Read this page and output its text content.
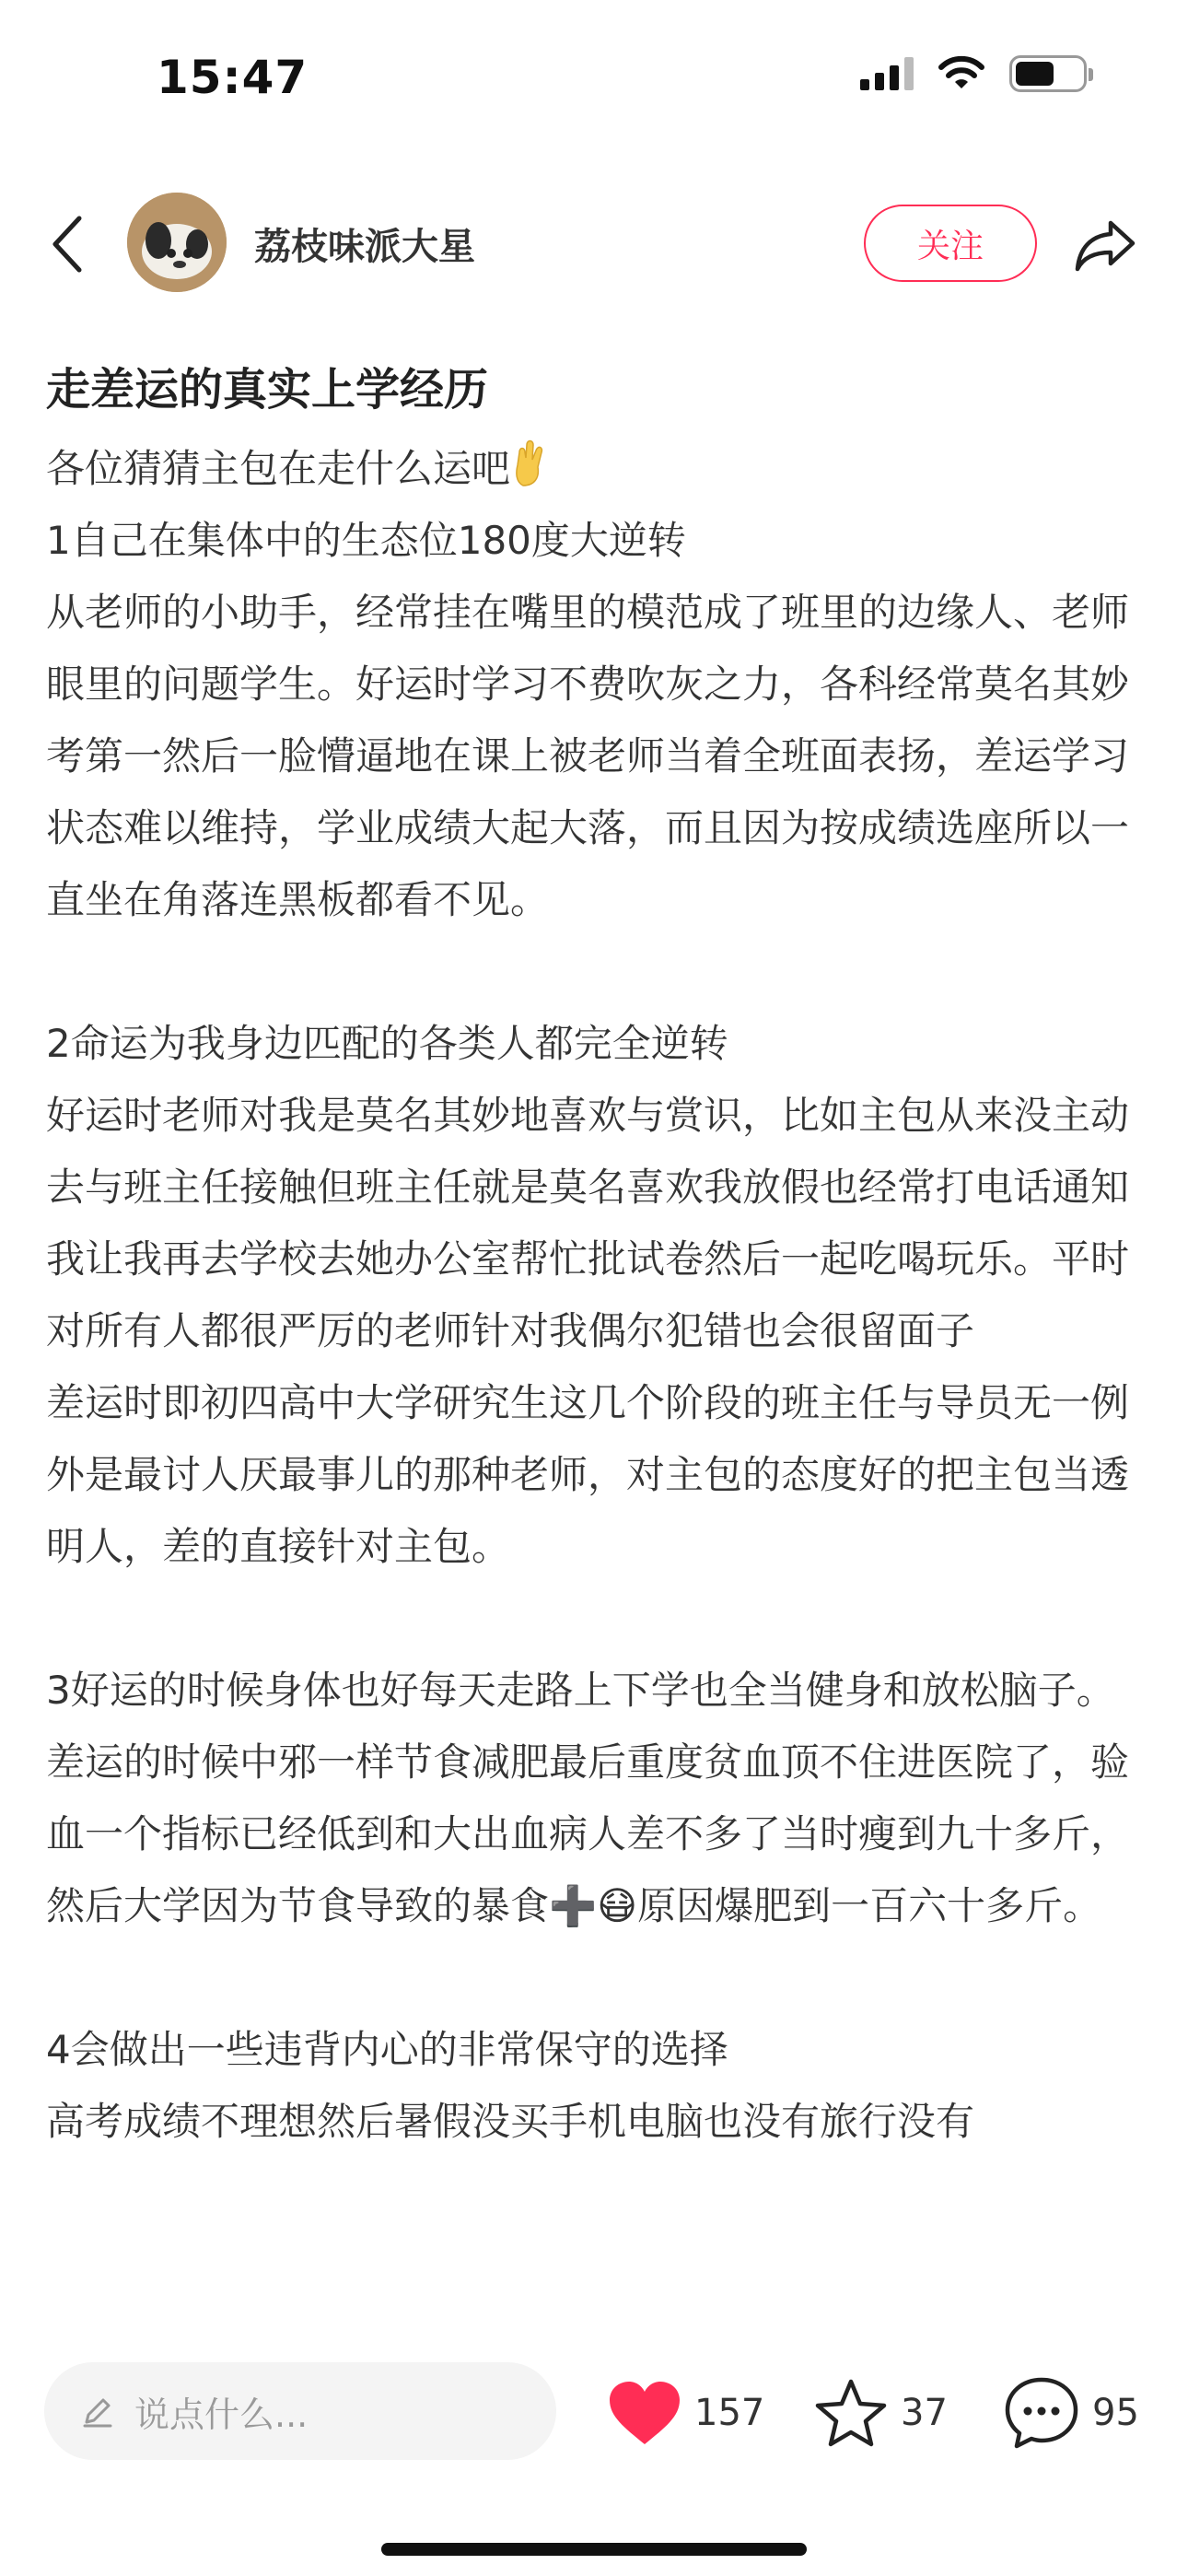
15:47
荔枝味派大星	关注
走差运的真实上学经历
各位猜猜主包在走什么运吧
1自己在集体中的生态位180度大逆转
从老师的小助手，经常挂在嘴里的模范成了班里的边缘人、老师眼里的问题学生。好运时学习不费吹灰之力，各科经常莫名其妙考第一然后一脸懵逼地在课上被老师当着全班面表扬，差运学习状态难以维持，学业成绩大起大落，而且因为按成绩选座所以一直坐在角落连黑板都看不见。
2命运为我身边匹配的各类人都完全逆转
好运时老师对我是莫名其妙地喜欢与赏识，比如主包从来没主动去与班主任接触但班主任就是莫名喜欢我放假也经常打电话通知我让我再去学校去她办公室帮忙批试卷然后一起吃喝玩乐。平时对所有人都很严厉的老师针对我偶尔犯错也会很留面子
差运时即初四高中大学研究生这几个阶段的班主任与导员无一例外是最讨人厌最事儿的那种老师，对主包的态度好的把主包当透明人，差的直接针对主包。
3好运的时候身体也好每天走路上下学也全当健身和放松脑子。差运的时候中邪一样节食减肥最后重度贫血顶不住进医院了，验血一个指标已经低到和大出血病人差不多了当时瘦到九十多斤，然后大学因为节食导致的暴食➕😷原因爆肥到一百六十多斤。
4会做出一些违背内心的非常保守的选择
高考成绩不理想然后暑假没买手机电脑也没有旅行没有
说点什么...	157	37	95
